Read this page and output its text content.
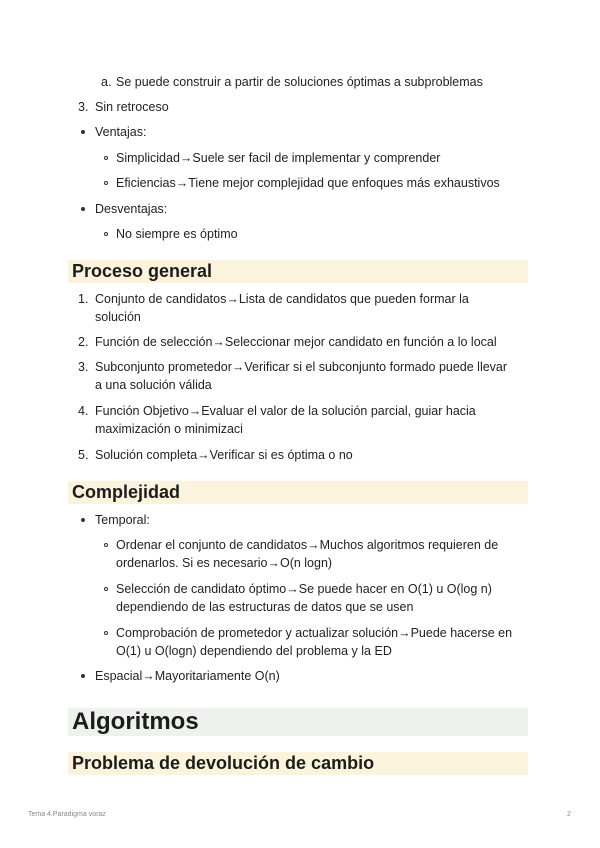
a. Se puede construir a partir de soluciones óptimas a subproblemas
3. Sin retroceso
Ventajas:
Simplicidad→Suele ser facil de implementar y comprender
Eficiencias→Tiene mejor complejidad que enfoques más exhaustivos
Desventajas:
No siempre es óptimo
Proceso general
1. Conjunto de candidatos→Lista de candidatos que pueden formar la
solución
2. Función de selección→Seleccionar mejor candidato en función a lo local
3. Subconjunto prometedor→Verificar si el subconjunto formado puede llevar
a una solución válida
4. Función Objetivo→Evaluar el valor de la solución parcial, guiar hacia
maximización o minimizaci
5. Solución completa→Verificar si es óptima o no
Complejidad
Temporal:
Ordenar el conjunto de candidatos→Muchos algoritmos requieren de
ordenarlos. Si es necesario→O(n logn)
Selección de candidato óptimo→Se puede hacer en O(1) u O(log n)
dependiendo de las estructuras de datos que se usen
Comprobación de prometedor y actualizar solución→Puede hacerse en
O(1) u O(logn) dependiendo del problema y la ED
Espacial→Mayoritariamente O(n)
Algoritmos
Problema de devolución de cambio
Tema 4.Paradigma voraz	2
